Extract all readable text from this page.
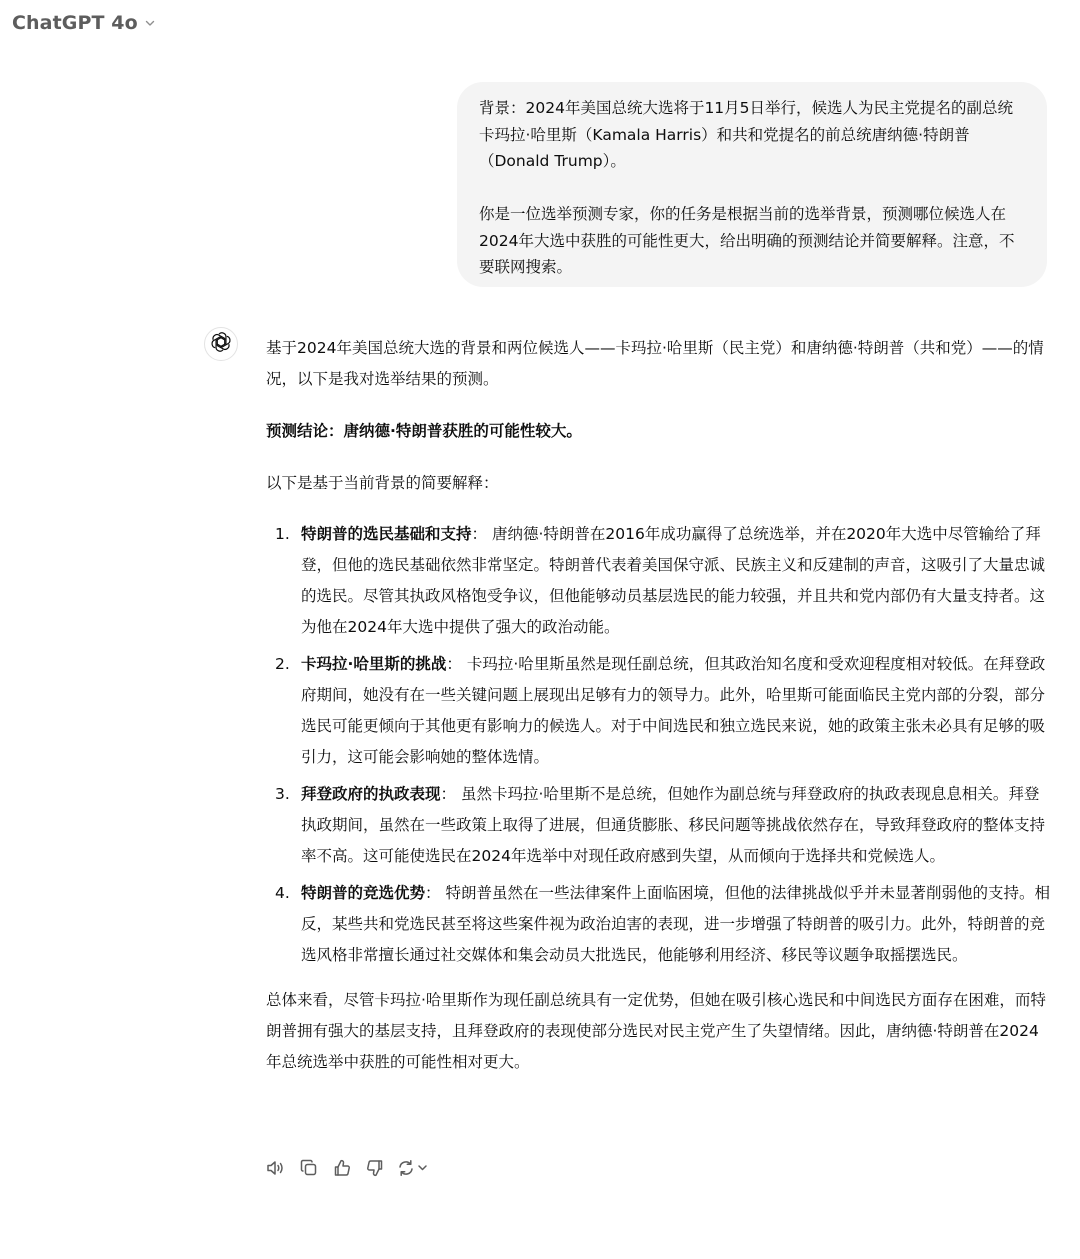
ChatGPT 4o

背景：2024年美国总统大选将于11月5日举行，候选人为民主党提名的副总统卡玛拉·哈里斯（Kamala Harris）和共和党提名的前总统唐纳德·特朗普（Donald Trump）。

你是一位选举预测专家，你的任务是根据当前的选举背景，预测哪位候选人在2024年大选中获胜的可能性更大，给出明确的预测结论并简要解释。注意，不要联网搜索。

基于2024年美国总统大选的背景和两位候选人——卡玛拉·哈里斯（民主党）和唐纳德·特朗普（共和党）——的情况，以下是我对选举结果的预测。

预测结论：唐纳德·特朗普获胜的可能性较大。

以下是基于当前背景的简要解释：

特朗普的选民基础和支持： 唐纳德·特朗普在2016年成功赢得了总统选举，并在2020年大选中尽管输给了拜登，但他的选民基础依然非常坚定。特朗普代表着美国保守派、民族主义和反建制的声音，这吸引了大量忠诚的选民。尽管其执政风格饱受争议，但他能够动员基层选民的能力较强，并且共和党内部仍有大量支持者。这为他在2024年大选中提供了强大的政治动能。
卡玛拉·哈里斯的挑战： 卡玛拉·哈里斯虽然是现任副总统，但其政治知名度和受欢迎程度相对较低。在拜登政府期间，她没有在一些关键问题上展现出足够有力的领导力。此外，哈里斯可能面临民主党内部的分裂，部分选民可能更倾向于其他更有影响力的候选人。对于中间选民和独立选民来说，她的政策主张未必具有足够的吸引力，这可能会影响她的整体选情。
拜登政府的执政表现： 虽然卡玛拉·哈里斯不是总统，但她作为副总统与拜登政府的执政表现息息相关。拜登执政期间，虽然在一些政策上取得了进展，但通货膨胀、移民问题等挑战依然存在，导致拜登政府的整体支持率不高。这可能使选民在2024年选举中对现任政府感到失望，从而倾向于选择共和党候选人。
特朗普的竞选优势： 特朗普虽然在一些法律案件上面临困境，但他的法律挑战似乎并未显著削弱他的支持。相反，某些共和党选民甚至将这些案件视为政治迫害的表现，进一步增强了特朗普的吸引力。此外，特朗普的竞选风格非常擅长通过社交媒体和集会动员大批选民，他能够利用经济、移民等议题争取摇摆选民。

总体来看，尽管卡玛拉·哈里斯作为现任副总统具有一定优势，但她在吸引核心选民和中间选民方面存在困难，而特朗普拥有强大的基层支持，且拜登政府的表现使部分选民对民主党产生了失望情绪。因此，唐纳德·特朗普在2024年总统选举中获胜的可能性相对更大。
